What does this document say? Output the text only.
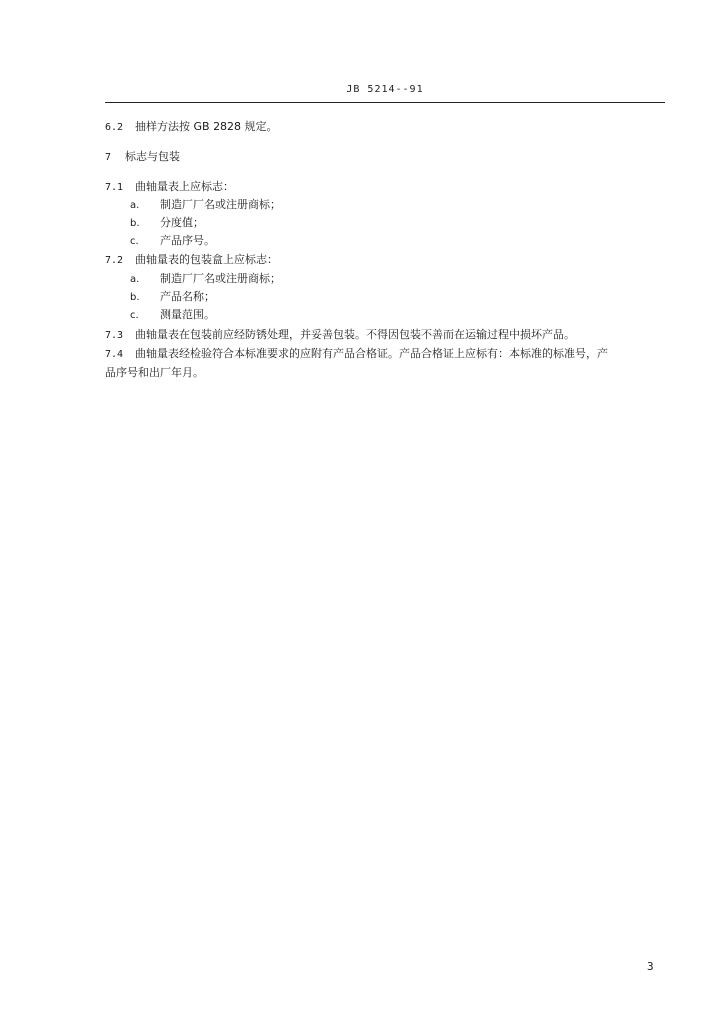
JB 5214--91
6.2 抽样方法按 GB 2828 规定。
7 标志与包装
7.1 曲轴量表上应标志：
a. 制造厂厂名或注册商标；
b. 分度值；
c. 产品序号。
7.2 曲轴量表的包装盒上应标志：
a. 制造厂厂名或注册商标；
b. 产品名称；
c. 测量范围。
7.3 曲轴量表在包装前应经防锈处理，并妥善包装。不得因包装不善而在运输过程中损坏产品。
7.4 曲轴量表经检验符合本标准要求的应附有产品合格证。产品合格证上应标有：本标准的标准号，产
品序号和出厂年月。
3
